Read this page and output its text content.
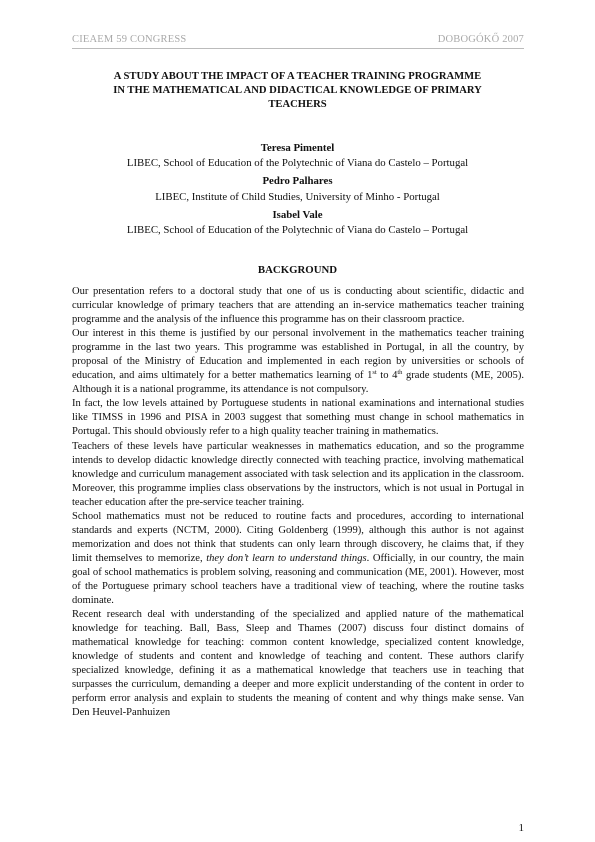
CIEAEM 59 CONGRESS	DOBOGÓKŐ 2007
A STUDY ABOUT THE IMPACT OF A TEACHER TRAINING PROGRAMME
IN THE MATHEMATICAL AND DIDACTICAL KNOWLEDGE OF PRIMARY
TEACHERS
Teresa Pimentel
LIBEC, School of Education of the Polytechnic of Viana do Castelo – Portugal
Pedro Palhares
LIBEC, Institute of Child Studies, University of Minho - Portugal
Isabel Vale
LIBEC, School of Education of the Polytechnic of Viana do Castelo – Portugal
BACKGROUND

Our presentation refers to a doctoral study that one of us is conducting about scientific, didactic and curricular knowledge of primary teachers that are attending an in-service mathematics teacher training programme and the analysis of the influence this programme has on their classroom practice.

Our interest in this theme is justified by our personal involvement in the mathematics teacher training programme in the last two years. This programme was established in Portugal, in all the country, by proposal of the Ministry of Education and implemented in each region by universities or schools of education, and aims ultimately for a better mathematics learning of 1st to 4th grade students (ME, 2005). Although it is a national programme, its attendance is not compulsory.

In fact, the low levels attained by Portuguese students in national examinations and international studies like TIMSS in 1996 and PISA in 2003 suggest that something must change in school mathematics in Portugal. This should obviously refer to a high quality teacher training in mathematics.

Teachers of these levels have particular weaknesses in mathematics education, and so the programme intends to develop didactic knowledge directly connected with teaching practice, involving mathematical knowledge and curriculum management associated with task selection and its application in the classroom. Moreover, this programme implies class observations by the instructors, which is not usual in Portugal in teacher education after the pre-service teacher training.

School mathematics must not be reduced to routine facts and procedures, according to international standards and experts (NCTM, 2000). Citing Goldenberg (1999), although this author is not against memorization and does not think that students can only learn through discovery, he claims that, if they limit themselves to memorize, they don’t learn to understand things. Officially, in our country, the main goal of school mathematics is problem solving, reasoning and communication (ME, 2001). However, most of the Portuguese primary school teachers have a traditional view of teaching, where the routine tasks dominate.

Recent research deal with understanding of the specialized and applied nature of the mathematical knowledge for teaching. Ball, Bass, Sleep and Thames (2007) discuss four distinct domains of mathematical knowledge for teaching: common content knowledge, specialized content knowledge, knowledge of students and content and knowledge of teaching and content. These authors clarify specialized knowledge, defining it as a mathematical knowledge that teachers use in teaching that surpasses the curriculum, demanding a deeper and more explicit understanding of the content in order to perform error analysis and explain to students the meaning of content and why things make sense. Van Den Heuvel-Panhuizen

1
